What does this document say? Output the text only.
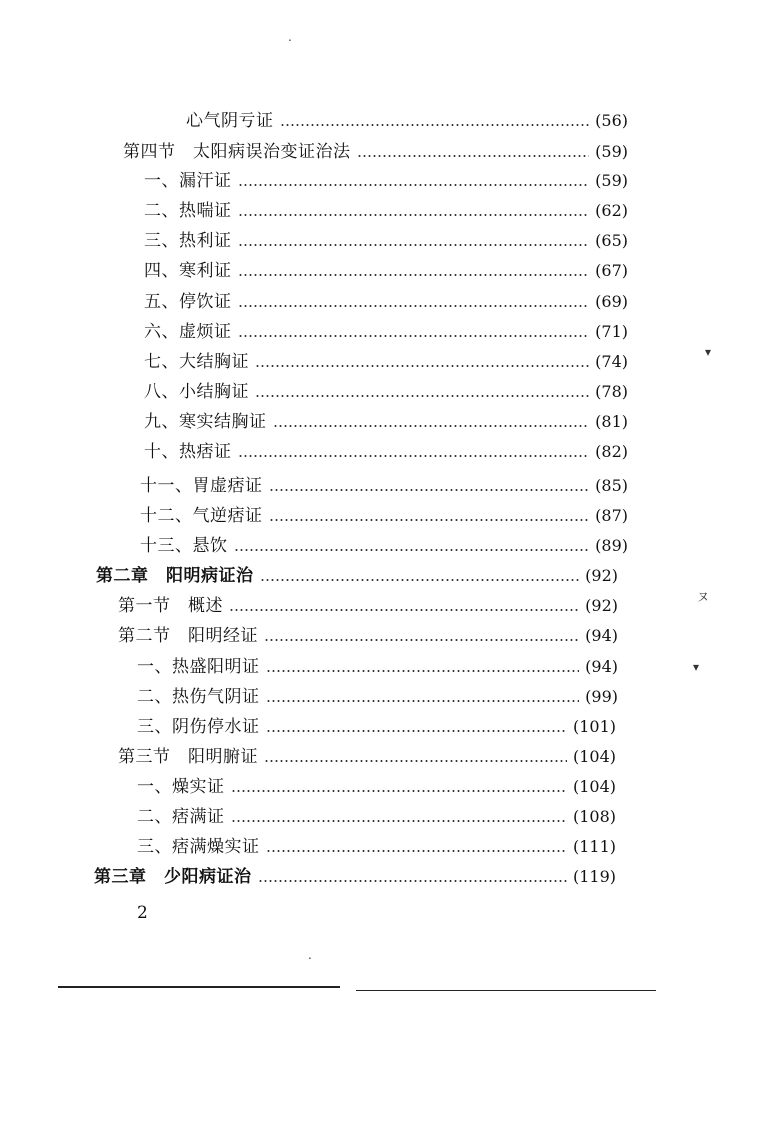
心气阴亏证	(56)
第四节　太阳病误治变证治法	(59)
一、漏汗证	(59)
二、热喘证	(62)
三、热利证	(65)
四、寒利证	(67)
五、停饮证	(69)
六、虚烦证	(71)
七、大结胸证	(74)
八、小结胸证	(78)
九、寒实结胸证	(81)
十、热痞证	(82)
十一、胃虚痞证	(85)
十二、气逆痞证	(87)
十三、悬饮	(89)
第二章　阳明病证治	(92)
第一节　概述	(92)
第二节　阳明经证	(94)
一、热盛阳明证	(94)
二、热伤气阴证	(99)
三、阴伤停水证	(101)
第三节　阳明腑证	(104)
一、燥实证	(104)
二、痞满证	(108)
三、痞满燥实证	(111)
第三章　少阳病证治	(119)
2
.
▾
ヌ
▾
.
